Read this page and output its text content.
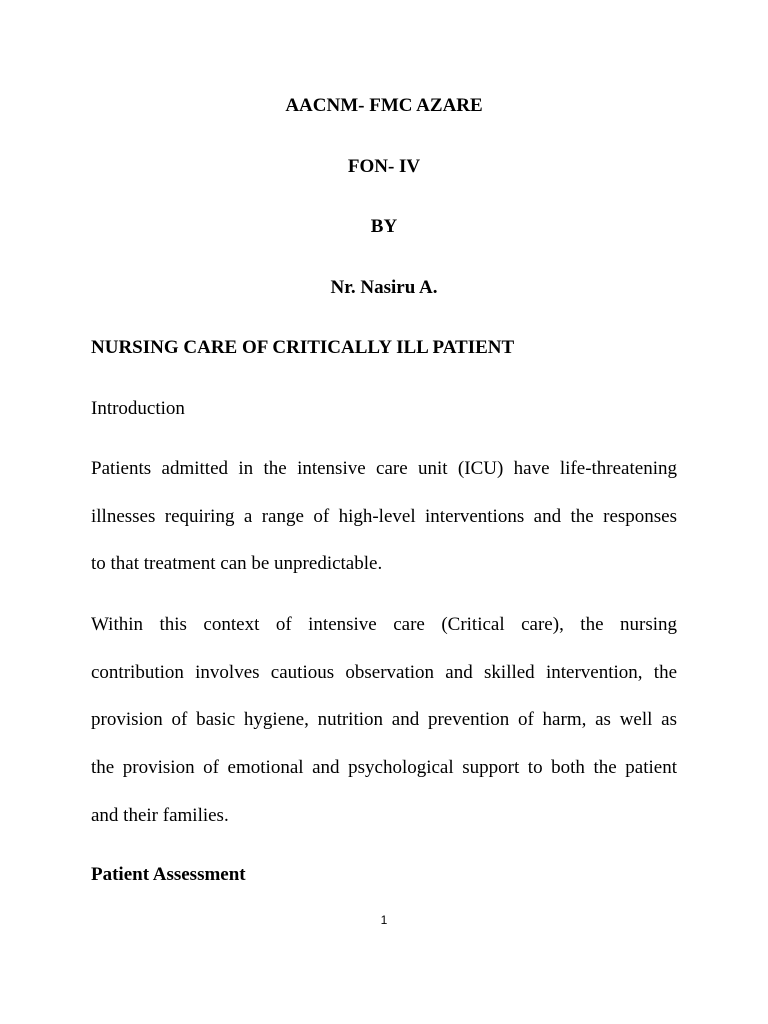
AACNM- FMC AZARE
FON- IV
BY
Nr. Nasiru A.
NURSING CARE OF CRITICALLY ILL PATIENT
Introduction
Patients admitted in the intensive care unit (ICU) have life-threatening
illnesses requiring a range of high-level interventions and the responses
to that treatment can be unpredictable.
Within this context of intensive care (Critical care), the nursing
contribution involves cautious observation and skilled intervention, the
provision of basic hygiene, nutrition and prevention of harm, as well as
the provision of emotional and psychological support to both the patient
and their families.
Patient Assessment
1
